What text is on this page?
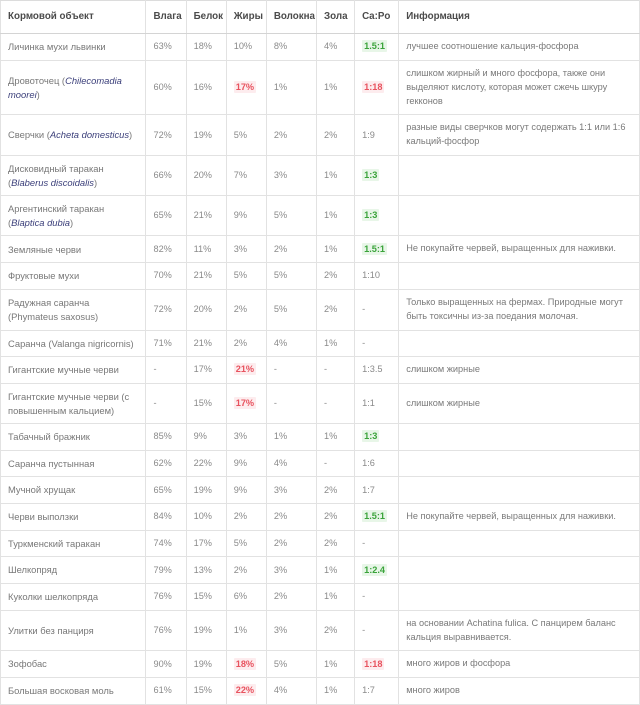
Кормовой объект	Влага	Белок	Жиры	Волокна	Зола	Ca:Po	Информация
Личинка мухи львинки	63%	18%	10%	8%	4%	1.5:1	лучшее соотношение кальция-фосфора
Дровоточец (Chilecomadia moorei)	60%	16%	17%	1%	1%	1:18	слишком жирный и много фосфора, также они выделяют кислоту, которая может сжечь шкуру гекконов
Сверчки (Acheta domesticus)	72%	19%	5%	2%	2%	1:9	разные виды сверчков могут содержать 1:1 или 1:6 кальций-фосфор
Дисковидный таракан (Blaberus discoidalis)	66%	20%	7%	3%	1%	1:3	
Аргентинский таракан (Blaptica dubia)	65%	21%	9%	5%	1%	1:3	
Земляные черви	82%	11%	3%	2%	1%	1.5:1	Не покупайте червей, выращенных для наживки.
Фруктовые мухи	70%	21%	5%	5%	2%	1:10	
Радужная саранча (Phymateus saxosus)	72%	20%	2%	5%	2%	-	Только выращенных на фермах. Природные могут быть токсичны из-за поедания молочая.
Саранча (Valanga nigricornis)	71%	21%	2%	4%	1%	-	
Гигантские мучные черви	-	17%	21%	-	-	1:3.5	слишком жирные
Гигантские мучные черви (с повышенным кальцием)	-	15%	17%	-	-	1:1	слишком жирные
Табачный бражник	85%	9%	3%	1%	1%	1:3	
Саранча пустынная	62%	22%	9%	4%	-	1:6	
Мучной хрущак	65%	19%	9%	3%	2%	1:7	
Черви выползки	84%	10%	2%	2%	2%	1.5:1	Не покупайте червей, выращенных для наживки.
Туркменский таракан	74%	17%	5%	2%	2%	-	
Шелкопряд	79%	13%	2%	3%	1%	1:2.4	
Куколки шелкопряда	76%	15%	6%	2%	1%	-	
Улитки без панциря	76%	19%	1%	3%	2%	-	на основании Achatina fulica. С панцирем баланс кальция выравнивается.
Зофобас	90%	19%	18%	5%	1%	1:18	много жиров и фосфора
Большая восковая моль	61%	15%	22%	4%	1%	1:7	много жиров
